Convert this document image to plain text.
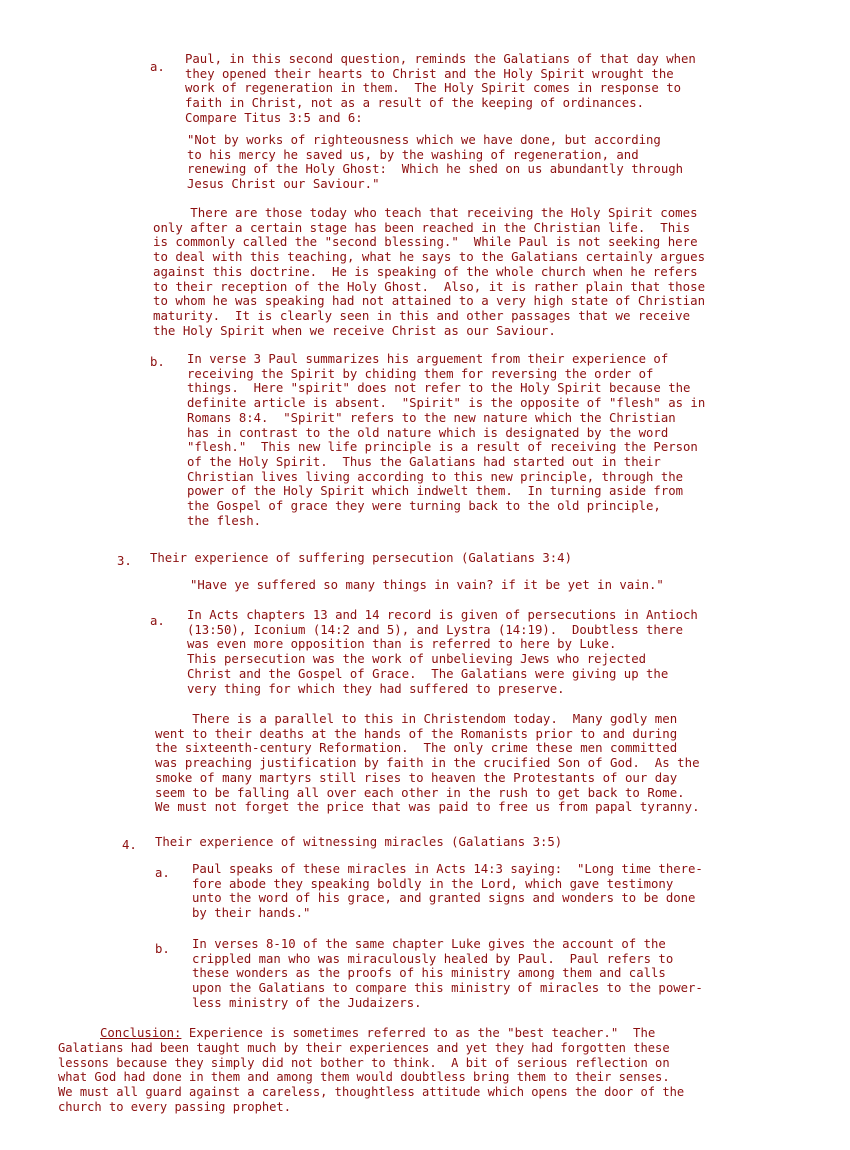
a.
Paul, in this second question, reminds the Galatians of that day when
they opened their hearts to Christ and the Holy Spirit wrought the
work of regeneration in them.  The Holy Spirit comes in response to
faith in Christ, not as a result of the keeping of ordinances.
Compare Titus 3:5 and 6:
"Not by works of righteousness which we have done, but according
to his mercy he saved us, by the washing of regeneration, and
renewing of the Holy Ghost:  Which he shed on us abundantly through
Jesus Christ our Saviour."
There are those today who teach that receiving the Holy Spirit comes
only after a certain stage has been reached in the Christian life.  This
is commonly called the "second blessing."  While Paul is not seeking here
to deal with this teaching, what he says to the Galatians certainly argues
against this doctrine.  He is speaking of the whole church when he refers
to their reception of the Holy Ghost.  Also, it is rather plain that those
to whom he was speaking had not attained to a very high state of Christian
maturity.  It is clearly seen in this and other passages that we receive
the Holy Spirit when we receive Christ as our Saviour.
b. In verse 3 Paul summarizes his arguement from their experience of
receiving the Spirit by chiding them for reversing the order of
things.  Here "spirit" does not refer to the Holy Spirit because the
definite article is absent.  "Spirit" is the opposite of "flesh" as in
Romans 8:4.  "Spirit" refers to the new nature which the Christian
has in contrast to the old nature which is designated by the word
"flesh."  This new life principle is a result of receiving the Person
of the Holy Spirit.  Thus the Galatians had started out in their
Christian lives living according to this new principle, through the
power of the Holy Spirit which indwelt them.  In turning aside from
the Gospel of grace they were turning back to the old principle,
the flesh.
3. Their experience of suffering persecution (Galatians 3:4)
"Have ye suffered so many things in vain? if it be yet in vain."
a. In Acts chapters 13 and 14 record is given of persecutions in Antioch
(13:50), Iconium (14:2 and 5), and Lystra (14:19).  Doubtless there
was even more opposition than is referred to here by Luke.
This persecution was the work of unbelieving Jews who rejected
Christ and the Gospel of Grace.  The Galatians were giving up the
very thing for which they had suffered to preserve.
There is a parallel to this in Christendom today.  Many godly men
went to their deaths at the hands of the Romanists prior to and during
the sixteenth-century Reformation.  The only crime these men committed
was preaching justification by faith in the crucified Son of God.  As the
smoke of many martyrs still rises to heaven the Protestants of our day
seem to be falling all over each other in the rush to get back to Rome.
We must not forget the price that was paid to free us from papal tyranny.
4. Their experience of witnessing miracles (Galatians 3:5)
a. Paul speaks of these miracles in Acts 14:3 saying:  "Long time there-
fore abode they speaking boldly in the Lord, which gave testimony
unto the word of his grace, and granted signs and wonders to be done
by their hands."
b. In verses 8-10 of the same chapter Luke gives the account of the
crippled man who was miraculously healed by Paul.  Paul refers to
these wonders as the proofs of his ministry among them and calls
upon the Galatians to compare this ministry of miracles to the power-
less ministry of the Judaizers.
Conclusion: Experience is sometimes referred to as the "best teacher."  The
Galatians had been taught much by their experiences and yet they had forgotten these
lessons because they simply did not bother to think.  A bit of serious reflection on
what God had done in them and among them would doubtless bring them to their senses.
We must all guard against a careless, thoughtless attitude which opens the door of the
church to every passing prophet.
